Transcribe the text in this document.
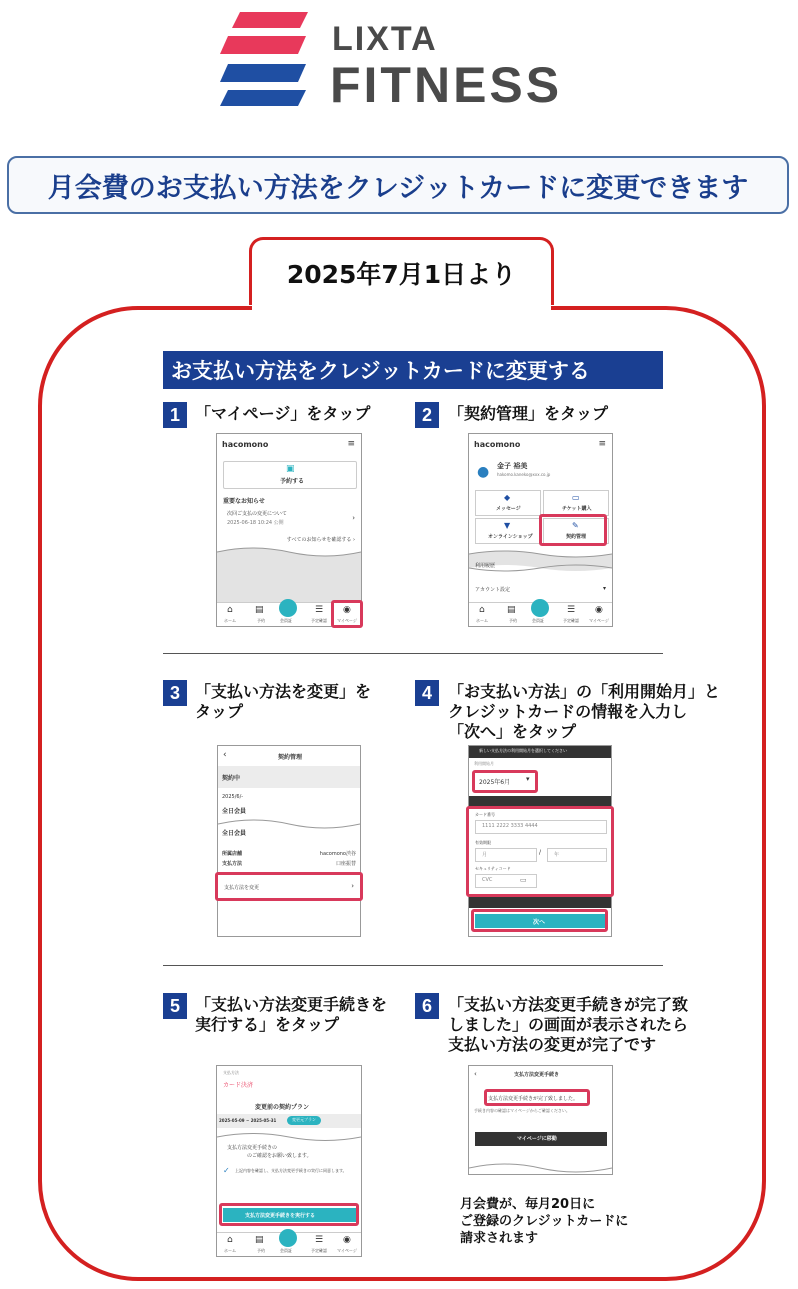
LIXTA
FITNESS
月会費のお支払い方法をクレジットカードに変更できます
2025年7月1日より
お支払い方法をクレジットカードに変更する
1 「マイページ」をタップ	2	「契約管理」をタップ
hacomono	≡
▣
予約する
重要なお知らせ
次回ご支払の変更について
2025-06-18 10:24 公開
›
すべてのお知らせを確認する ›
⌂
ホーム
▤
予約	会員証
☰
予定確認
◉
マイページ
hacomono	≡
● 金子 裕美
hakomo.kaneko@xxx.co.jp
◆
メッセージ
▭
チケット購入
▼
オンラインショップ
✎
契約管理
利用履歴
アカウント設定	▾
⌂
ホーム
▤
予約	会員証
☰
予定確認
◉
マイページ
3 「支払い方法を変更」を
タップ
4	「お支払い方法」の「利用開始月」と
クレジットカードの情報を入力し
「次へ」をタップ
‹	契約管理
契約中
2025/6/-
全日会員
全日会員
所属店舗	hacomono渋谷
支払方法	口座振替
支払方法を変更	›
新しい支払方法の利用開始月を選択してください
利用開始月
2025年6月 ▾
カード番号
1111 2222 3333 4444
有効期限
月	/	年
セキュリティコード
CVC	▭
次へ
5 「支払い方法変更手続きを
実行する」をタップ
6	「支払い方法変更手続きが完了致
しました」の画面が表示されたら
支払い方法の変更が完了です
支払方法
カード決済
変更前の契約プラン
2025-05-09 ~ 2025-05-31	変更元プラン
支払方法変更手続きの
のご確認をお願い致します。
✓ 上記内容を確認し、支払方法変更手続きの実行に同意します。
支払方法変更手続きを実行する
⌂
ホーム
▤
予約	会員証
☰
予定確認
◉
マイページ
‹	支払方法変更手続き
支払方法変更手続きが完了致しました。
手続き内容の確認はマイページからご確認ください。
マイページに移動
月会費が、毎月20日に
ご登録のクレジットカードに
請求されます
